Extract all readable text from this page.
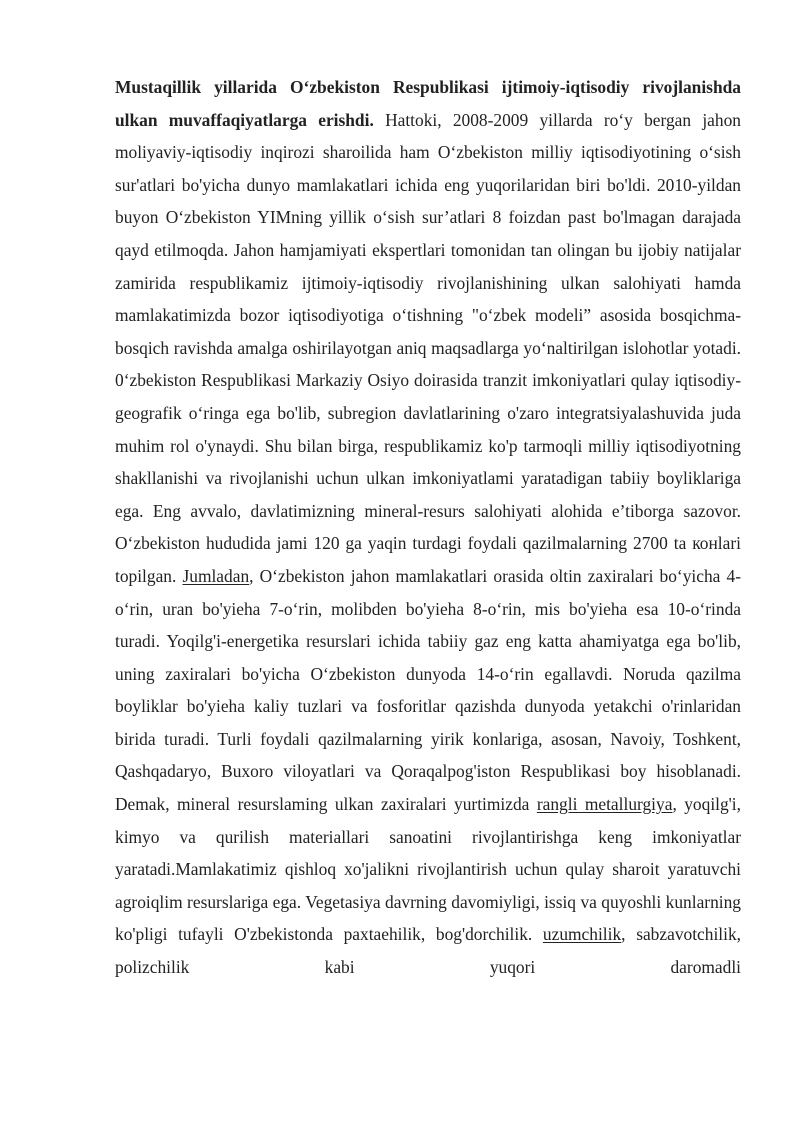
Mustaqillik yillarida O‘zbekiston Respublikasi ijtimoiy-iqtisodiy rivojlanishda ulkan muvaffaqiyatlarga erishdi. Hattoki, 2008-2009 yillarda ro‘y bergan jahon moliyaviy-iqtisodiy inqirozi sharoilida ham O‘zbekiston milliy iqtisodiyotining o‘sish sur'atlari bo'yicha dunyo mamlakatlari ichida eng yuqorilaridan biri bo'ldi. 2010-yildan buyon O‘zbekiston YIMning yillik o‘sish sur’atlari 8 foizdan past bo'lmagan darajada qayd etilmoqda. Jahon hamjamiyati ekspertlari tomonidan tan olingan bu ijobiy natijalar zamirida respublikamiz ijtimoiy-iqtisodiy rivojlanishining ulkan salohiyati hamda mamlakatimizda bozor iqtisodiyotiga o‘tishning "o‘zbek modeli” asosida bosqichma-bosqich ravishda amalga oshirilayotgan aniq maqsadlarga yo‘naltirilgan islohotlar yotadi. 0‘zbekiston Respublikasi Markaziy Osiyo doirasida tranzit imkoniyatlari qulay iqtisodiy-geografik o‘ringa ega bo'lib, subregion davlatlarining o'zaro integratsiyalashuvida juda muhim rol o'ynaydi. Shu bilan birga, respublikamiz ko'p tarmoqli milliy iqtisodiyotning shakllanishi va rivojlanishi uchun ulkan imkoniyatlami yaratadigan tabiiy boyliklariga ega. Eng avvalo, davlatimizning mineral-resurs salohiyati alohida e’tiborga sazovor. O‘zbekiston hududida jami 120 ga yaqin turdagi foydali qazilmalarning 2700 ta конlari topilgan. Jumladan, O‘zbekiston jahon mamlakatlari orasida oltin zaxiralari bo‘yicha 4-o‘rin, uran bo'yieha 7-o‘rin, molibden bo'yieha 8-o‘rin, mis bo'yieha esa 10-o‘rinda turadi. Yoqilg'i-energetika resurslari ichida tabiiy gaz eng katta ahamiyatga ega bo'lib, uning zaxiralari bo'yicha O‘zbekiston dunyoda 14-o‘rin egallavdi. Noruda qazilma boyliklar bo'yieha kaliy tuzlari va fosforitlar qazishda dunyoda yetakchi o'rinlaridan birida turadi. Turli foydali qazilmalarning yirik konlariga, asosan, Navoiy, Toshkent, Qashqadaryo, Buxoro viloyatlari va Qoraqalpog'iston Respublikasi boy hisoblanadi. Demak, mineral resurslaming ulkan zaxiralari yurtimizda rangli metallurgiya, yoqilg'i, kimyo va qurilish materiallari sanoatini rivojlantirishga keng imkoniyatlar yaratadi.Mamlakatimiz qishloq xo'jalikni rivojlantirish uchun qulay sharoit yaratuvchi agroiqlim resurslariga ega. Vegetasiya davrning davomiyligi, issiq va quyoshli kunlarning ko'pligi tufayli O'zbekistonda paxtaehilik, bog'dorchilik. uzumchilik, sabzavotchilik, polizchilik kabi yuqori daromadli
